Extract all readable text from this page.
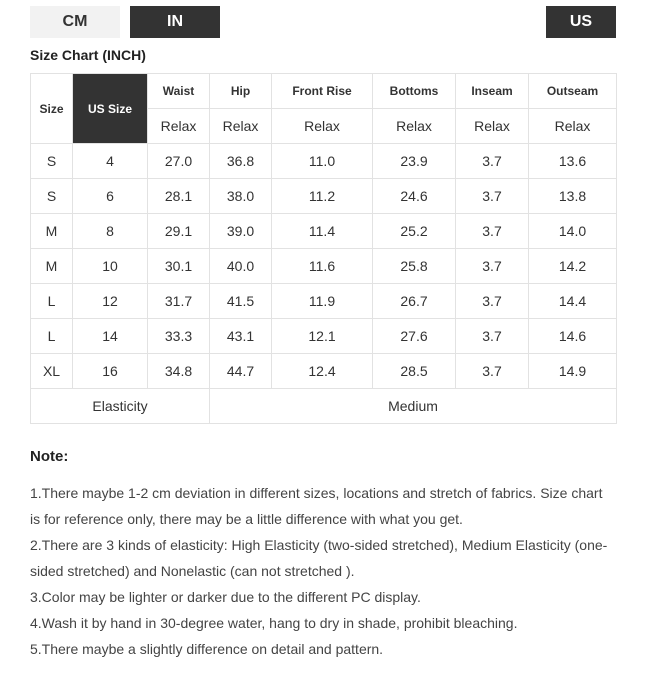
CM	IN	US
Size Chart (INCH)
Size	US Size	Waist	Hip	Front Rise	Bottoms	Inseam	Outseam
		Relax	Relax	Relax	Relax	Relax	Relax
S	4	27.0	36.8	11.0	23.9	3.7	13.6
S	6	28.1	38.0	11.2	24.6	3.7	13.8
M	8	29.1	39.0	11.4	25.2	3.7	14.0
M	10	30.1	40.0	11.6	25.8	3.7	14.2
L	12	31.7	41.5	11.9	26.7	3.7	14.4
L	14	33.3	43.1	12.1	27.6	3.7	14.6
XL	16	34.8	44.7	12.4	28.5	3.7	14.9
Elasticity			Medium				
Note:

1.There maybe 1-2 cm deviation in different sizes, locations and stretch of fabrics. Size chart is for reference only, there may be a little difference with what you get.

2.There are 3 kinds of elasticity: High Elasticity (two-sided stretched), Medium Elasticity (one-sided stretched) and Nonelastic (can not stretched ).

3.Color may be lighter or darker due to the different PC display.

4.Wash it by hand in 30-degree water, hang to dry in shade, prohibit bleaching.

5.There maybe a slightly difference on detail and pattern.
